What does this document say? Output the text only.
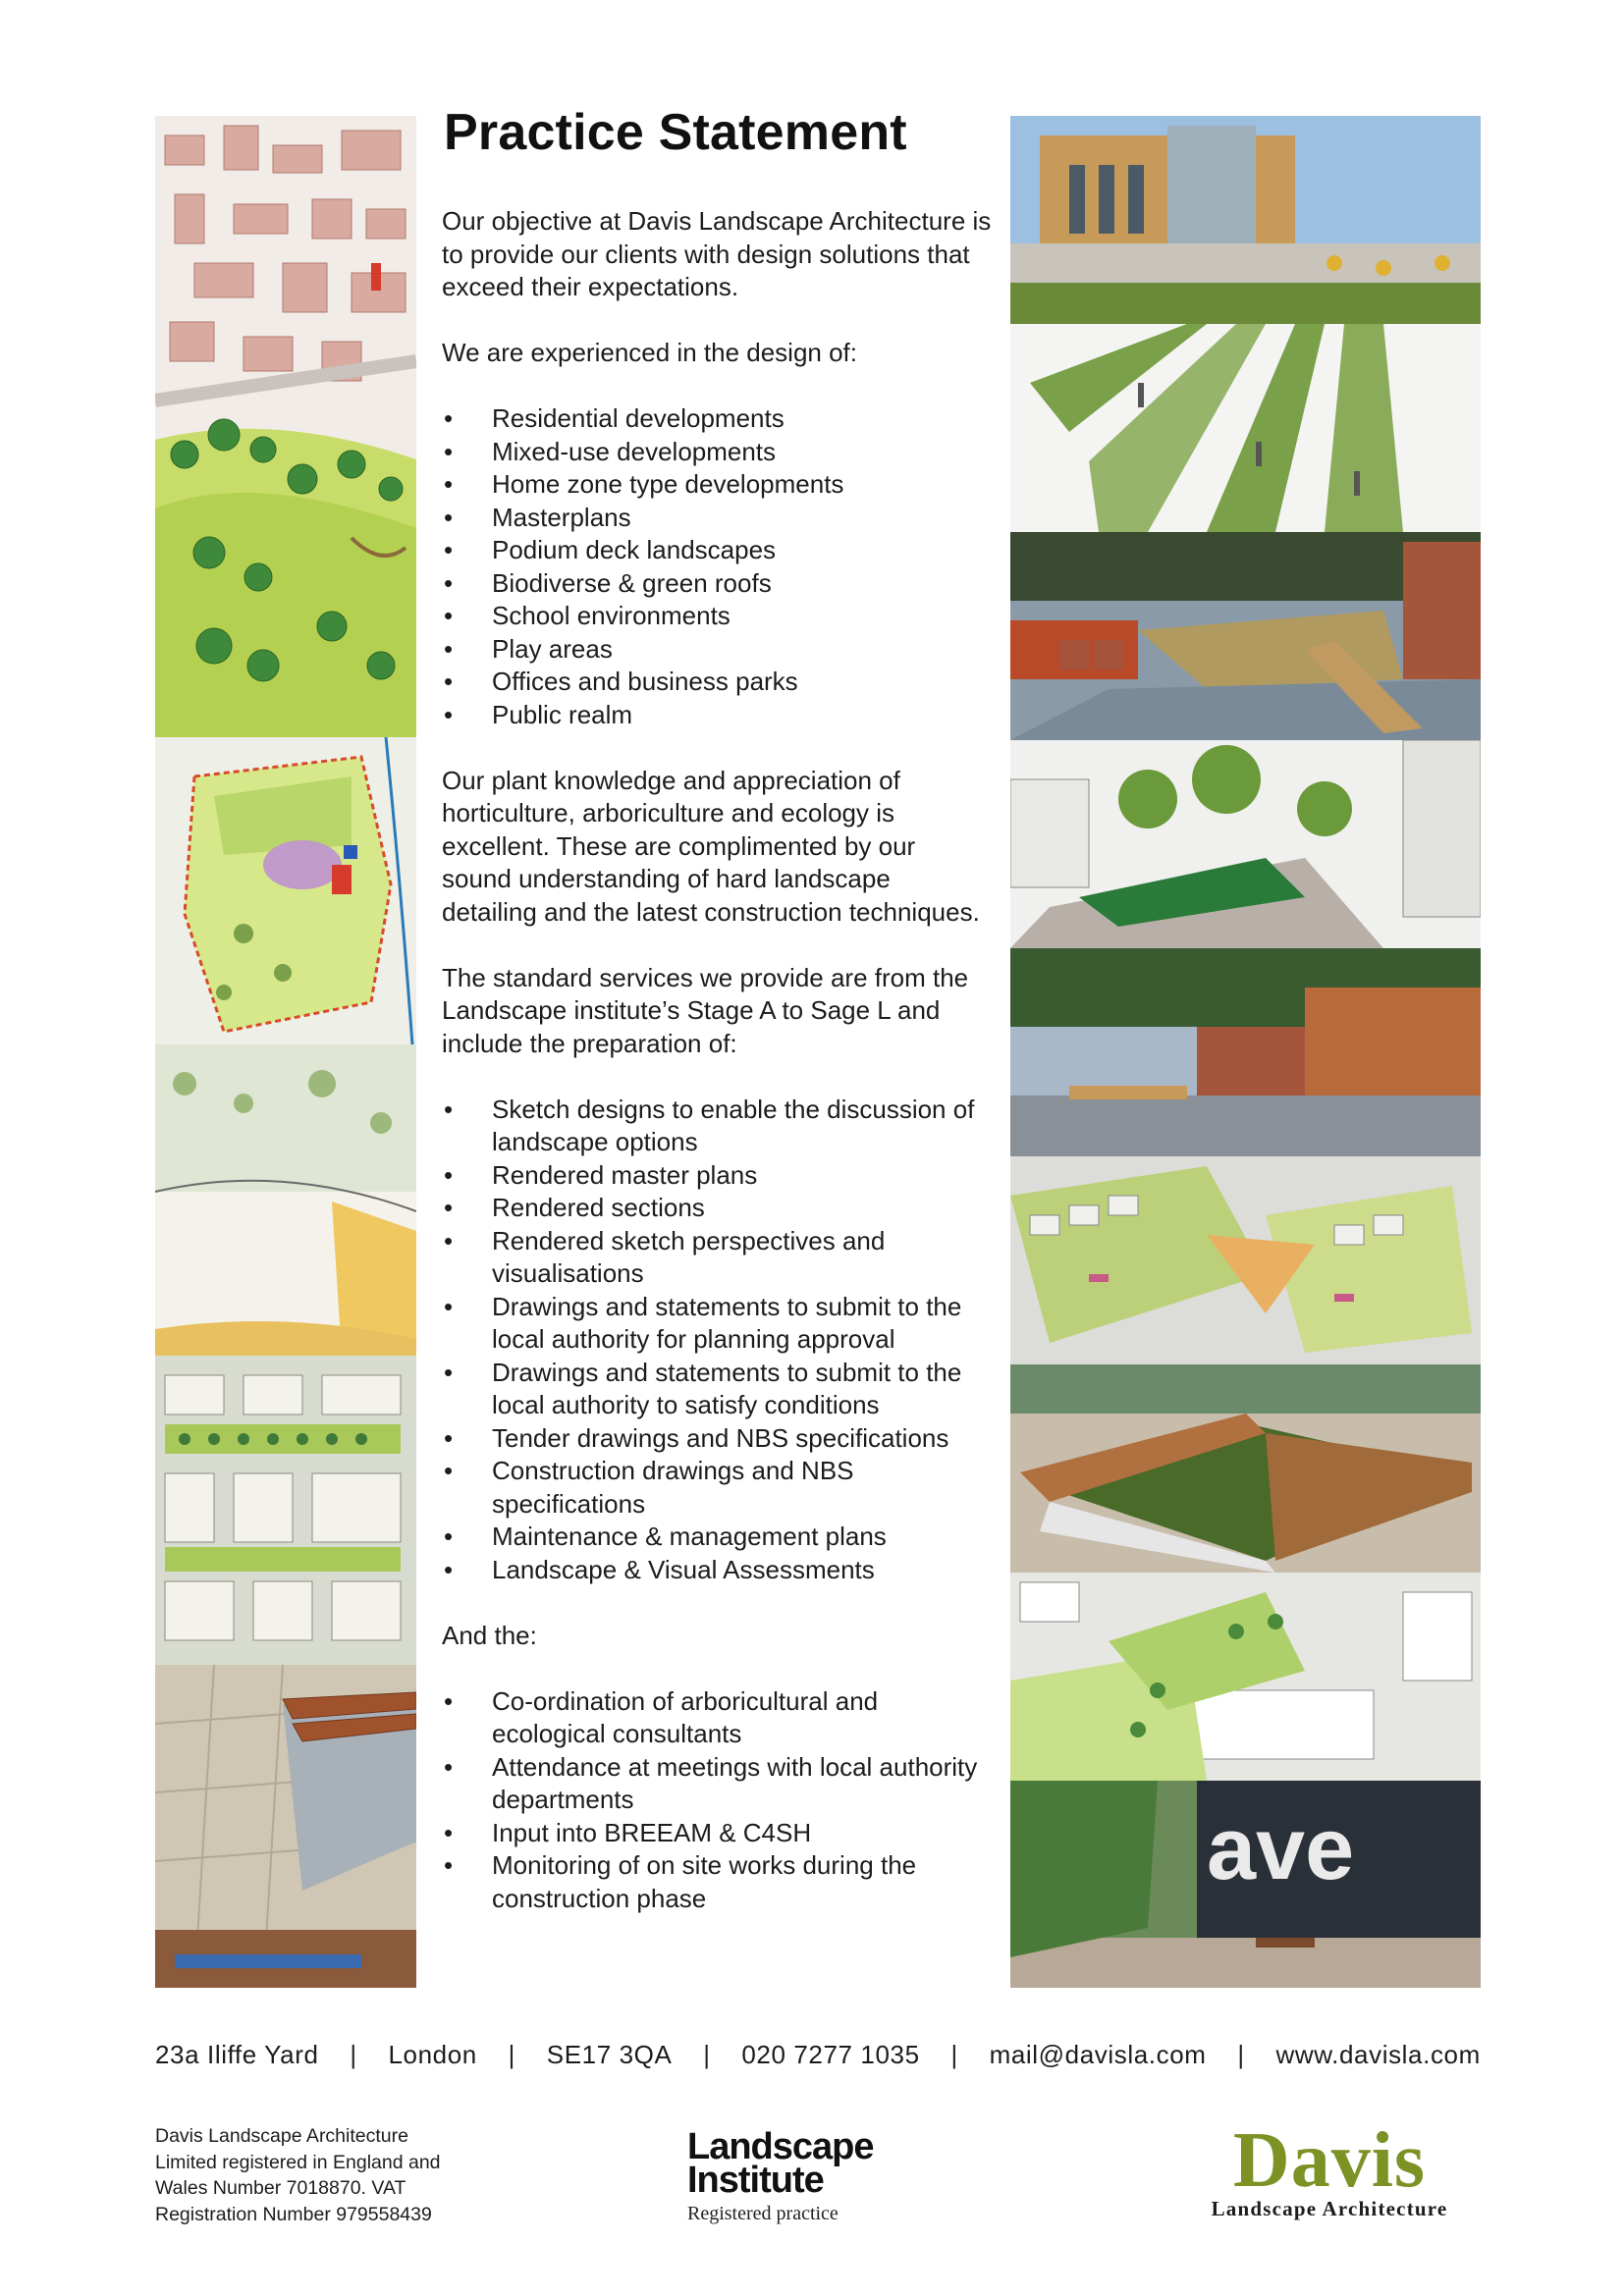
ave
Practice Statement

Our objective at Davis Landscape Architecture is to provide our clients with design solutions that exceed their expectations.

We are experienced in the design of:

• Residential developments
• Mixed-use developments
• Home zone type developments
• Masterplans
• Podium deck landscapes
• Biodiverse & green roofs
• School environments
• Play areas
• Offices and business parks
• Public realm

Our plant knowledge and appreciation of horticulture, arboriculture and ecology is excellent. These are complimented by our sound understanding of hard landscape detailing and the latest construction techniques.

The standard services we provide are from the Landscape institute’s Stage A to Sage L and include the preparation of:

• Sketch designs to enable the discussion of landscape options
• Rendered master plans
• Rendered sections
• Rendered sketch perspectives and visualisations
• Drawings and statements to submit to the local authority for planning approval
• Drawings and statements to submit to the local authority to satisfy conditions
• Tender drawings and NBS specifications
• Construction drawings and NBS specifications
• Maintenance & management plans
• Landscape & Visual Assessments

And the:

• Co-ordination of arboricultural and ecological consultants
• Attendance at meetings with local authority departments
• Input into BREEAM & C4SH
• Monitoring of on site works during the construction phase
23a Iliffe Yard | London | SE17 3QA | 020 7277 1035 | mail@davisla.com | www.davisla.com
Davis Landscape Architecture
Limited registered in England and
Wales Number 7018870. VAT
Registration Number 979558439
Landscape
Institute
Registered practice
Davis
Landscape Architecture
